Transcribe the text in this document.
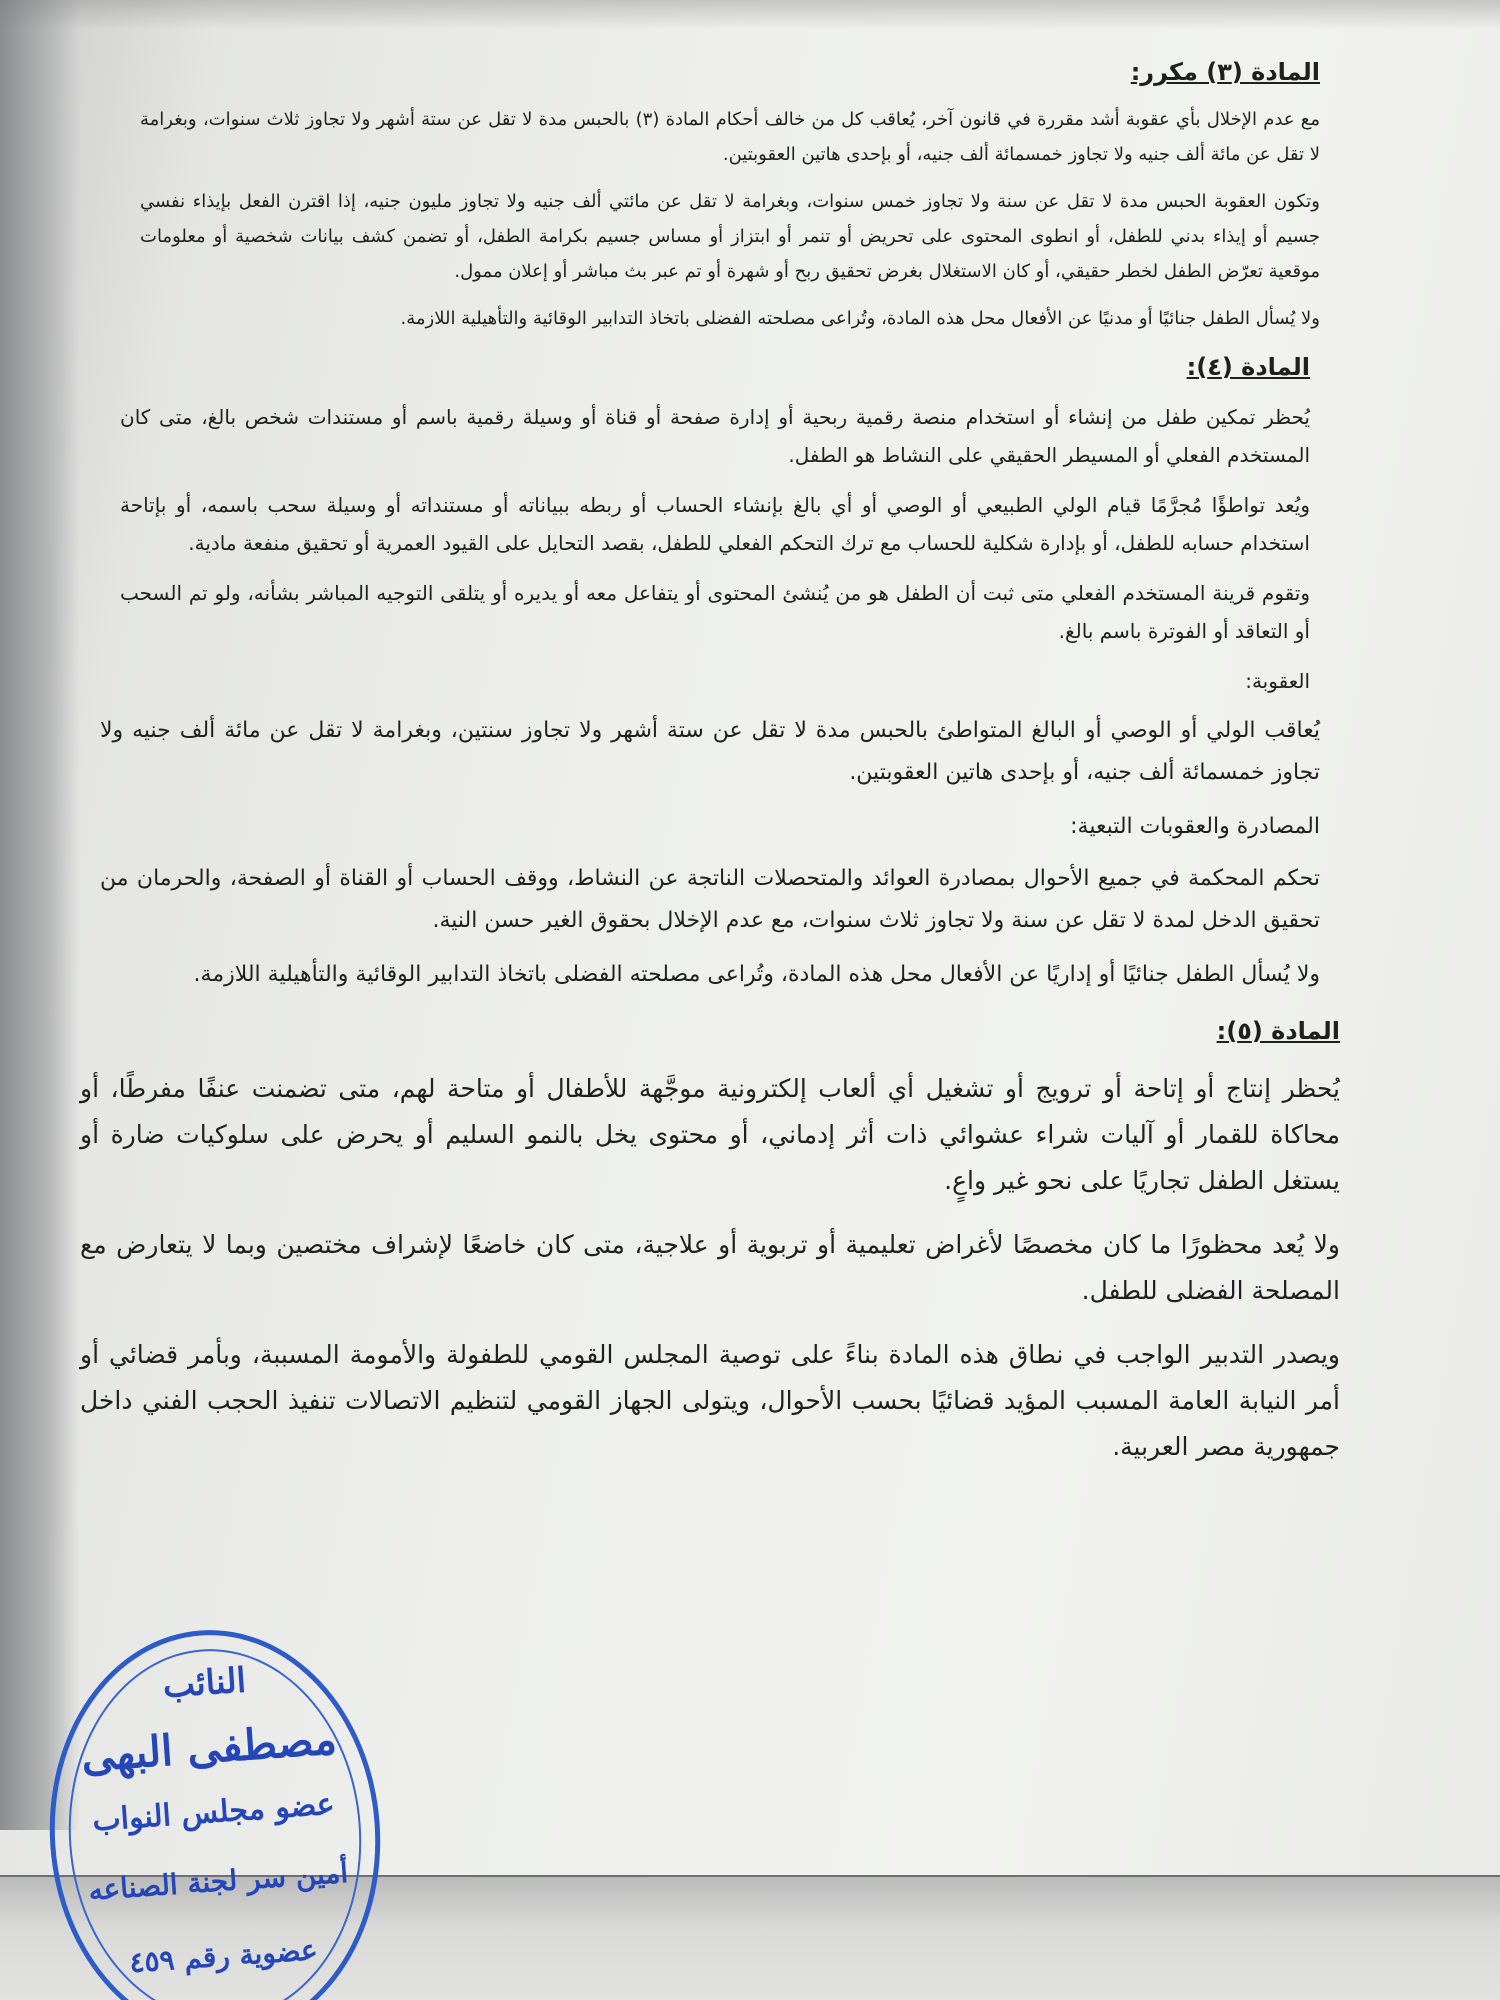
المادة (٣) مكرر:

مع عدم الإخلال بأي عقوبة أشد مقررة في قانون آخر، يُعاقب كل من خالف أحكام المادة (٣) بالحبس مدة لا تقل عن ستة أشهر ولا تجاوز ثلاث سنوات، وبغرامة لا تقل عن مائة ألف جنيه ولا تجاوز خمسمائة ألف جنيه، أو بإحدى هاتين العقوبتين.

وتكون العقوبة الحبس مدة لا تقل عن سنة ولا تجاوز خمس سنوات، وبغرامة لا تقل عن مائتي ألف جنيه ولا تجاوز مليون جنيه، إذا اقترن الفعل بإيذاء نفسي جسيم أو إيذاء بدني للطفل، أو انطوى المحتوى على تحريض أو تنمر أو ابتزاز أو مساس جسيم بكرامة الطفل، أو تضمن كشف بيانات شخصية أو معلومات موقعية تعرّض الطفل لخطر حقيقي، أو كان الاستغلال بغرض تحقيق ربح أو شهرة أو تم عبر بث مباشر أو إعلان ممول.

ولا يُسأل الطفل جنائيًا أو مدنيًا عن الأفعال محل هذه المادة، وتُراعى مصلحته الفضلى باتخاذ التدابير الوقائية والتأهيلية اللازمة.

المادة (٤):

يُحظر تمكين طفل من إنشاء أو استخدام منصة رقمية ربحية أو إدارة صفحة أو قناة أو وسيلة رقمية باسم أو مستندات شخص بالغ، متى كان المستخدم الفعلي أو المسيطر الحقيقي على النشاط هو الطفل.

ويُعد تواطؤًا مُجرَّمًا قيام الولي الطبيعي أو الوصي أو أي بالغ بإنشاء الحساب أو ربطه ببياناته أو مستنداته أو وسيلة سحب باسمه، أو بإتاحة استخدام حسابه للطفل، أو بإدارة شكلية للحساب مع ترك التحكم الفعلي للطفل، بقصد التحايل على القيود العمرية أو تحقيق منفعة مادية.

وتقوم قرينة المستخدم الفعلي متى ثبت أن الطفل هو من يُنشئ المحتوى أو يتفاعل معه أو يديره أو يتلقى التوجيه المباشر بشأنه، ولو تم السحب أو التعاقد أو الفوترة باسم بالغ.

العقوبة:

يُعاقب الولي أو الوصي أو البالغ المتواطئ بالحبس مدة لا تقل عن ستة أشهر ولا تجاوز سنتين، وبغرامة لا تقل عن مائة ألف جنيه ولا تجاوز خمسمائة ألف جنيه، أو بإحدى هاتين العقوبتين.

المصادرة والعقوبات التبعية:

تحكم المحكمة في جميع الأحوال بمصادرة العوائد والمتحصلات الناتجة عن النشاط، ووقف الحساب أو القناة أو الصفحة، والحرمان من تحقيق الدخل لمدة لا تقل عن سنة ولا تجاوز ثلاث سنوات، مع عدم الإخلال بحقوق الغير حسن النية.

ولا يُسأل الطفل جنائيًا أو إداريًا عن الأفعال محل هذه المادة، وتُراعى مصلحته الفضلى باتخاذ التدابير الوقائية والتأهيلية اللازمة.

المادة (٥):

يُحظر إنتاج أو إتاحة أو ترويج أو تشغيل أي ألعاب إلكترونية موجَّهة للأطفال أو متاحة لهم، متى تضمنت عنفًا مفرطًا، أو محاكاة للقمار أو آليات شراء عشوائي ذات أثر إدماني، أو محتوى يخل بالنمو السليم أو يحرض على سلوكيات ضارة أو يستغل الطفل تجاريًا على نحو غير واعٍ.

ولا يُعد محظورًا ما كان مخصصًا لأغراض تعليمية أو تربوية أو علاجية، متى كان خاضعًا لإشراف مختصين وبما لا يتعارض مع المصلحة الفضلى للطفل.

ويصدر التدبير الواجب في نطاق هذه المادة بناءً على توصية المجلس القومي للطفولة والأمومة المسببة، وبأمر قضائي أو أمر النيابة العامة المسبب المؤيد قضائيًا بحسب الأحوال، ويتولى الجهاز القومي لتنظيم الاتصالات تنفيذ الحجب الفني داخل جمهورية مصر العربية.

النائب
مصطفى البهى
عضو مجلس النواب
أمين سر لجنة الصناعه
عضوية رقم ٤٥٩
